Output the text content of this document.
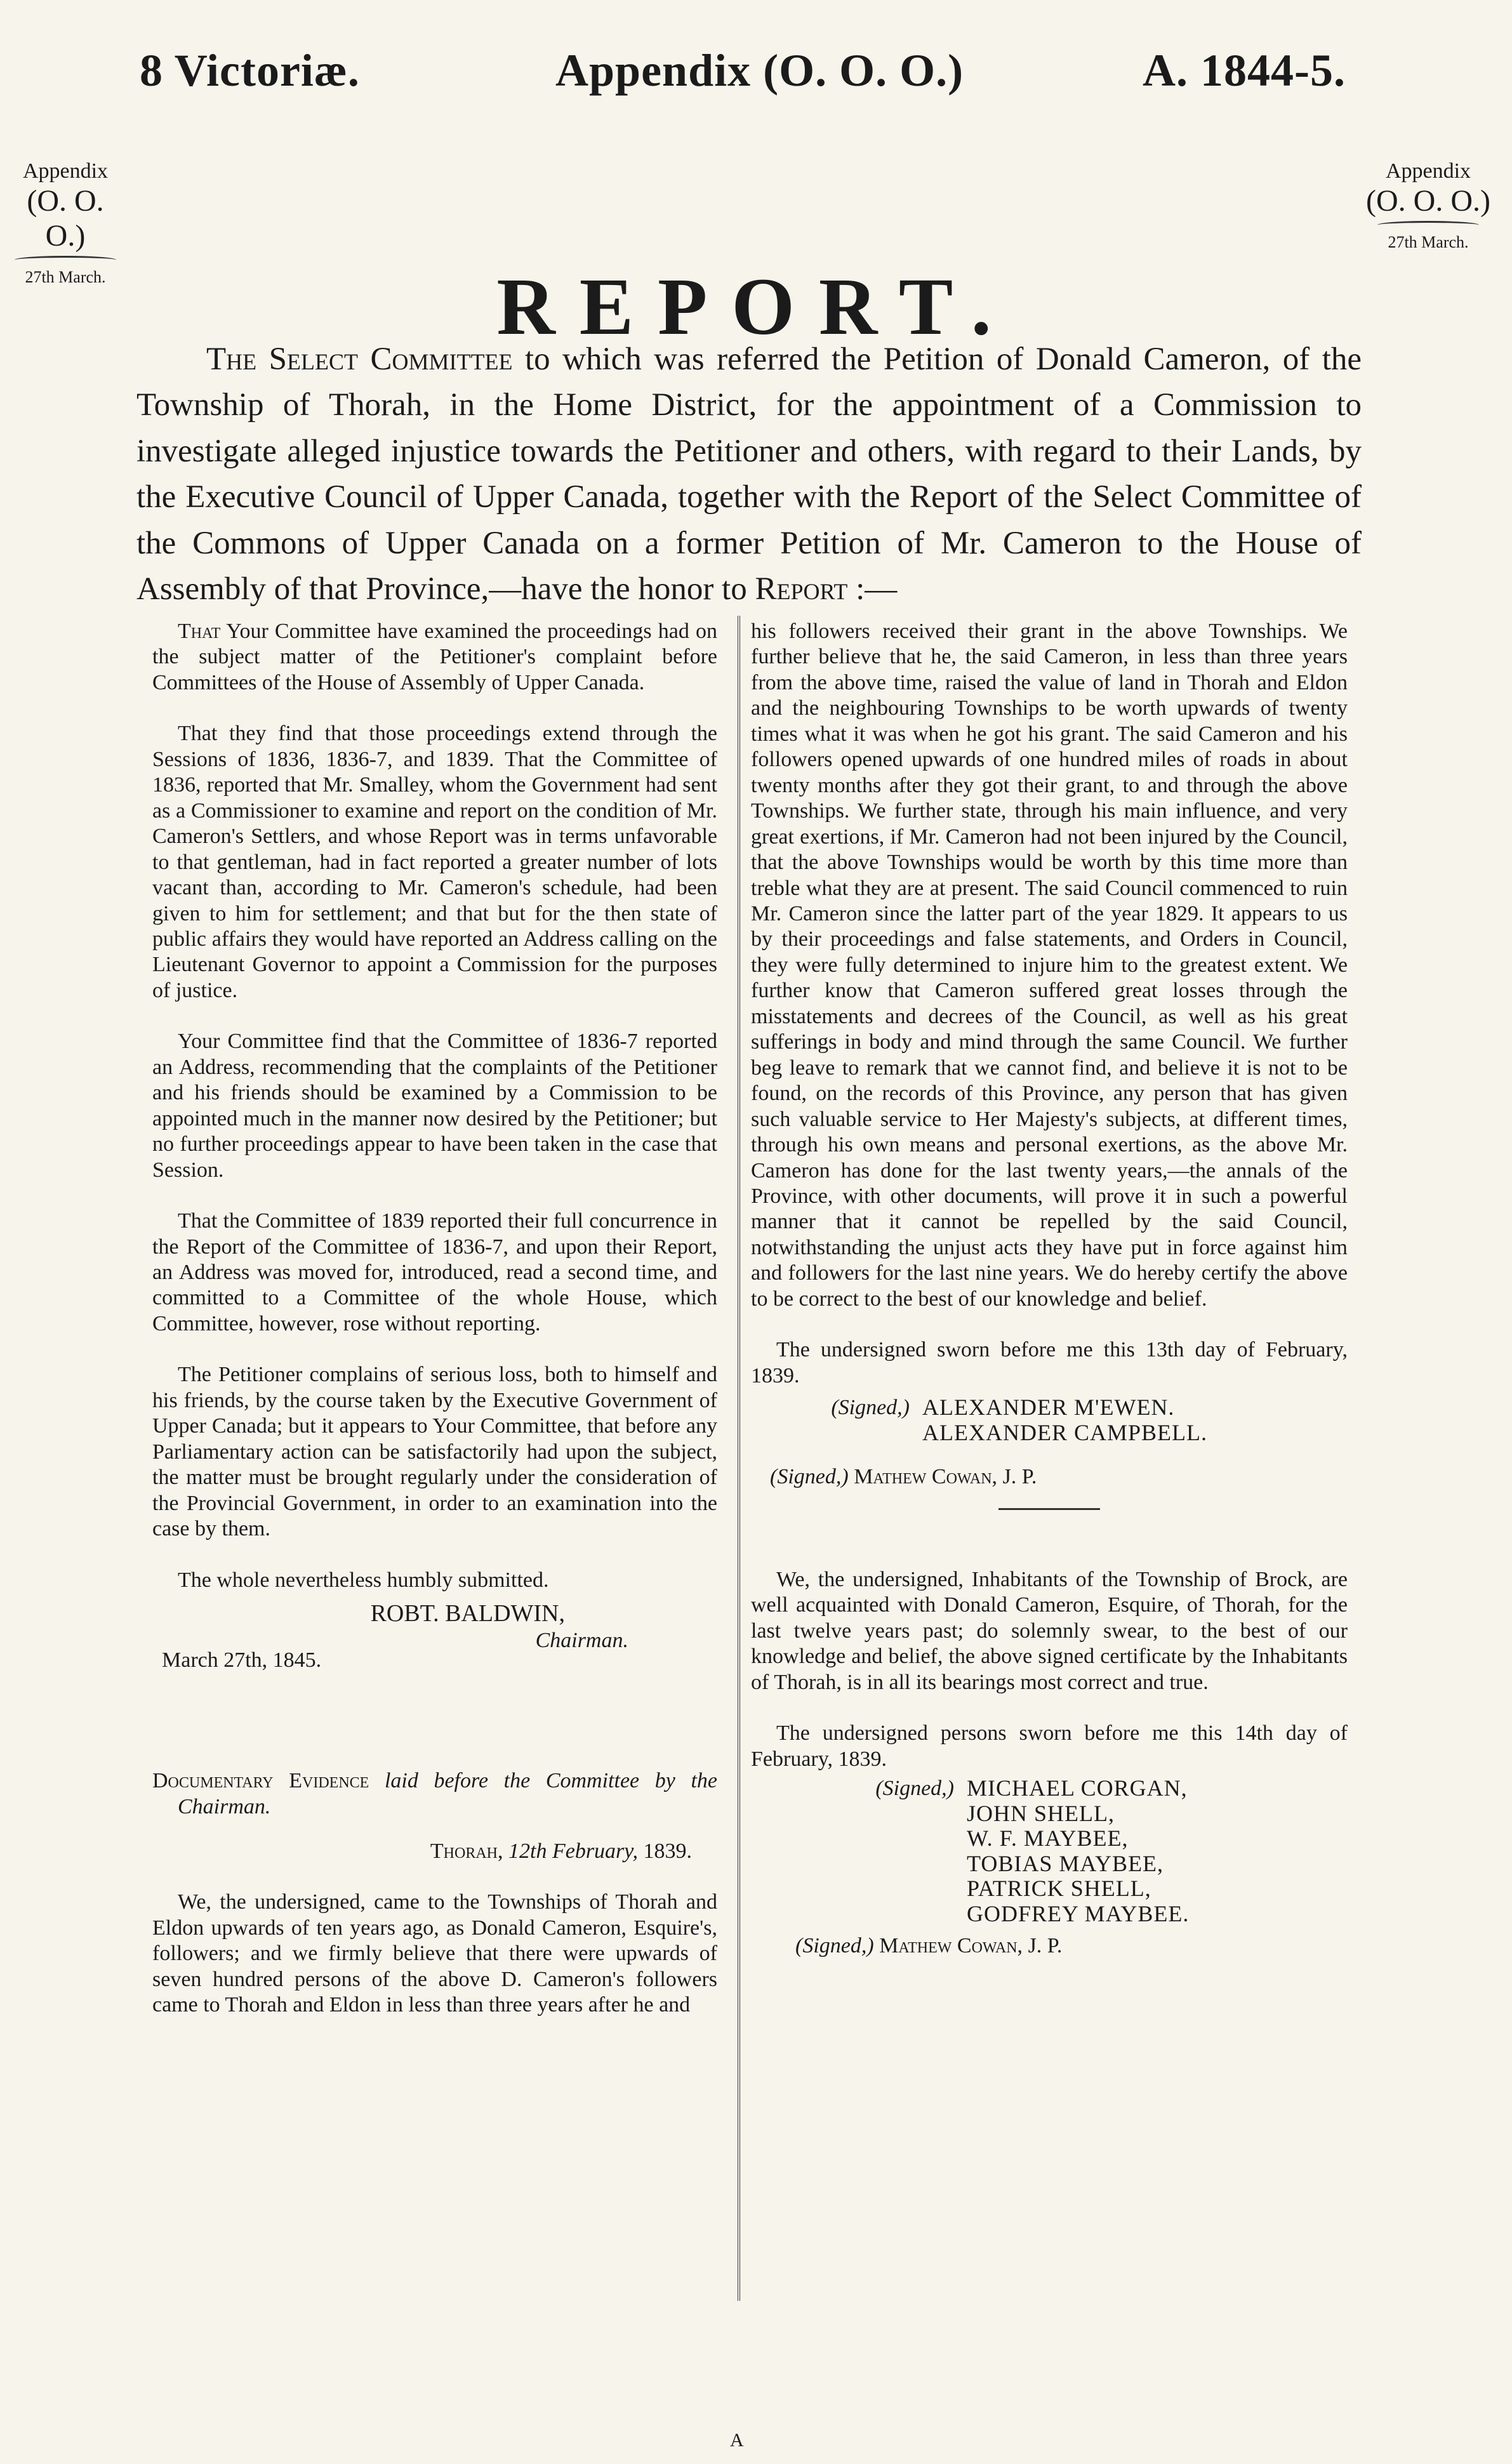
8 Victoriæ.	Appendix (O. O. O.)	A. 1844-5.
Appendix
(O. O. O.)
27th March.
Appendix
(O. O. O.)
27th March.
REPORT.
The Select Committee to which was referred the Petition of Donald Cameron, of the Township of Thorah, in the Home District, for the appointment of a Commission to investigate alleged injustice towards the Petitioner and others, with regard to their Lands, by the Executive Council of Upper Canada, together with the Report of the Select Committee of the Commons of Upper Canada on a former Petition of Mr. Cameron to the House of Assembly of that Province,—have the honor to Report :—

That Your Committee have examined the proceedings had on the subject matter of the Petitioner's complaint before Committees of the House of Assembly of Upper Canada.

That they find that those proceedings extend through the Sessions of 1836, 1836-7, and 1839. That the Committee of 1836, reported that Mr. Smalley, whom the Government had sent as a Commissioner to examine and report on the condition of Mr. Cameron's Settlers, and whose Report was in terms unfavorable to that gentleman, had in fact reported a greater number of lots vacant than, according to Mr. Cameron's schedule, had been given to him for settlement; and that but for the then state of public affairs they would have reported an Address calling on the Lieutenant Governor to appoint a Commission for the purposes of justice.

Your Committee find that the Committee of 1836-7 reported an Address, recommending that the complaints of the Petitioner and his friends should be examined by a Commission to be appointed much in the manner now desired by the Petitioner; but no further proceedings appear to have been taken in the case that Session.

That the Committee of 1839 reported their full concurrence in the Report of the Committee of 1836-7, and upon their Report, an Address was moved for, introduced, read a second time, and committed to a Committee of the whole House, which Committee, however, rose without reporting.

The Petitioner complains of serious loss, both to himself and his friends, by the course taken by the Executive Government of Upper Canada; but it appears to Your Committee, that before any Parliamentary action can be satisfactorily had upon the subject, the matter must be brought regularly under the consideration of the Provincial Government, in order to an examination into the case by them.

The whole nevertheless humbly submitted.

ROBT. BALDWIN,
Chairman.
March 27th, 1845.

Documentary Evidence laid before the Committee by the Chairman.

Thorah, 12th February, 1839.

We, the undersigned, came to the Townships of Thorah and Eldon upwards of ten years ago, as Donald Cameron, Esquire's, followers; and we firmly believe that there were upwards of seven hundred persons of the above D. Cameron's followers came to Thorah and Eldon in less than three years after he and

his followers received their grant in the above Townships. We further believe that he, the said Cameron, in less than three years from the above time, raised the value of land in Thorah and Eldon and the neighbouring Townships to be worth upwards of twenty times what it was when he got his grant. The said Cameron and his followers opened upwards of one hundred miles of roads in about twenty months after they got their grant, to and through the above Townships. We further state, through his main influence, and very great exertions, if Mr. Cameron had not been injured by the Council, that the above Townships would be worth by this time more than treble what they are at present. The said Council commenced to ruin Mr. Cameron since the latter part of the year 1829. It appears to us by their proceedings and false statements, and Orders in Council, they were fully determined to injure him to the greatest extent. We further know that Cameron suffered great losses through the misstatements and decrees of the Council, as well as his great sufferings in body and mind through the same Council. We further beg leave to remark that we cannot find, and believe it is not to be found, on the records of this Province, any person that has given such valuable service to Her Majesty's subjects, at different times, through his own means and personal exertions, as the above Mr. Cameron has done for the last twenty years,—the annals of the Province, with other documents, will prove it in such a powerful manner that it cannot be repelled by the said Council, notwithstanding the unjust acts they have put in force against him and followers for the last nine years. We do hereby certify the above to be correct to the best of our knowledge and belief.

The undersigned sworn before me this 13th day of February, 1839.

(Signed,) ALEXANDER M'EWEN.
ALEXANDER CAMPBELL.
(Signed,) Mathew Cowan, J. P.

We, the undersigned, Inhabitants of the Township of Brock, are well acquainted with Donald Cameron, Esquire, of Thorah, for the last twelve years past; do solemnly swear, to the best of our knowledge and belief, the above signed certificate by the Inhabitants of Thorah, is in all its bearings most correct and true.

The undersigned persons sworn before me this 14th day of February, 1839.

(Signed,) MICHAEL CORGAN,
JOHN SHELL,
W. F. MAYBEE,
TOBIAS MAYBEE,
PATRICK SHELL,
GODFREY MAYBEE.
(Signed,) Mathew Cowan, J. P.
A
